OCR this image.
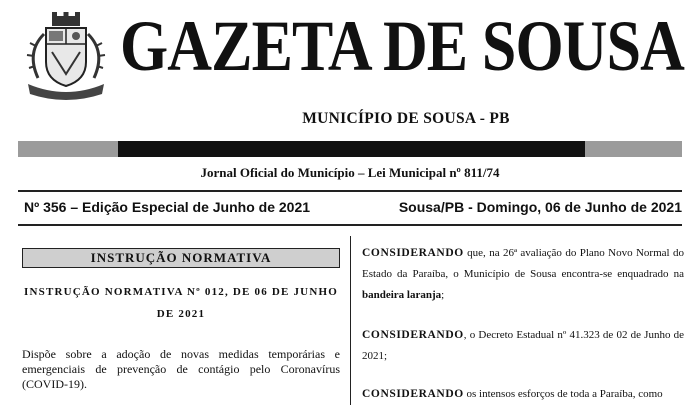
GAZETA DE SOUSA
MUNICÍPIO DE SOUSA - PB
Jornal Oficial do Município – Lei Municipal nº 811/74
Nº 356 – Edição Especial de Junho de 2021	Sousa/PB - Domingo, 06 de Junho de 2021
INSTRUÇÃO NORMATIVA
INSTRUÇÃO NORMATIVA Nº 012, DE 06 DE JUNHO DE 2021
Dispõe sobre a adoção de novas medidas temporárias e emergenciais de prevenção de contágio pelo Coronavírus (COVID-19).
CONSIDERANDO que, na 26ª avaliação do Plano Novo Normal do Estado da Paraíba, o Município de Sousa encontra-se enquadrado na bandeira laranja;
CONSIDERANDO, o Decreto Estadual nº 41.323 de 02 de Junho de 2021;
CONSIDERANDO os intensos esforços de toda a Paraíba, como
